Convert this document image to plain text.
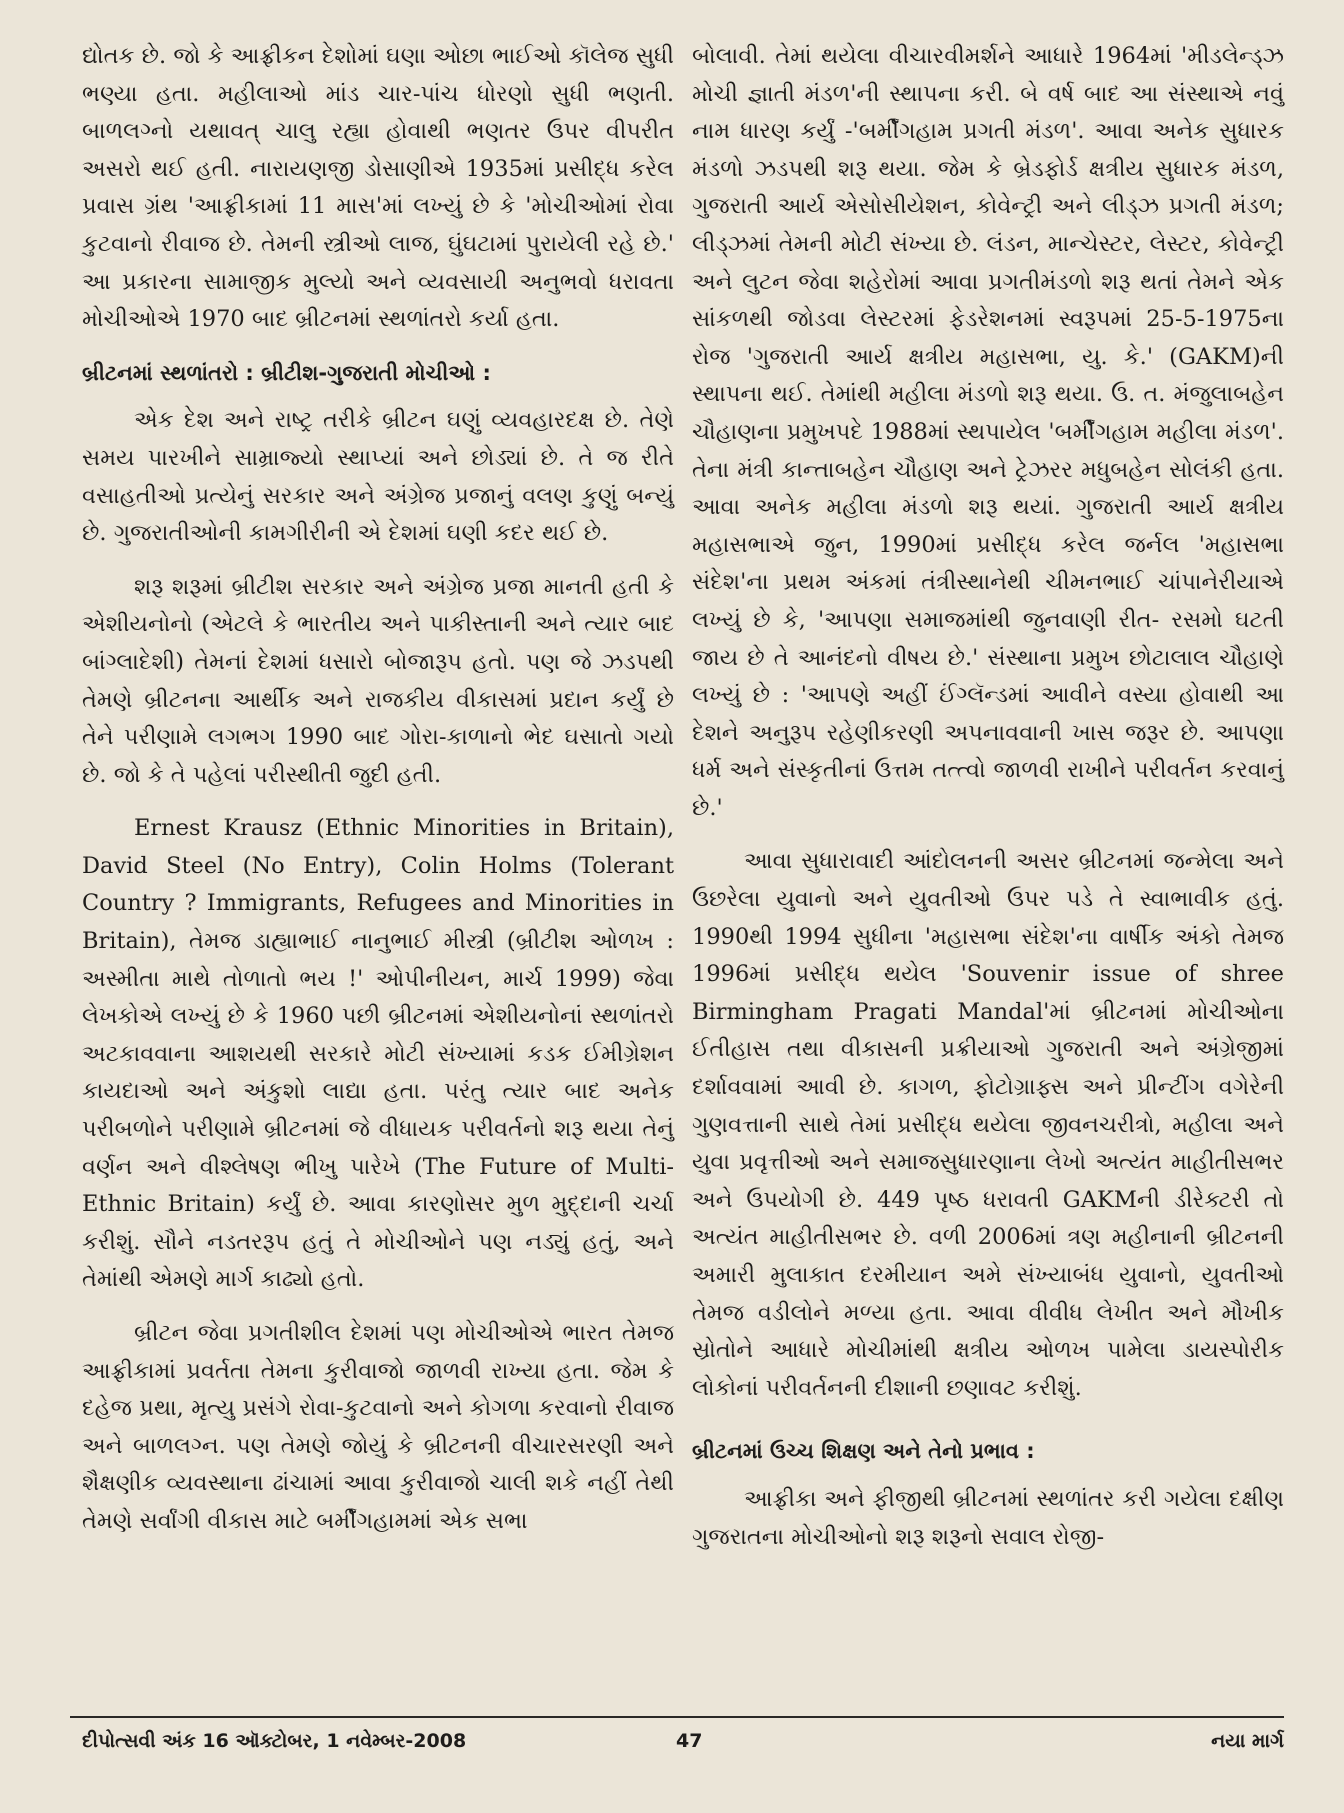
દ્યોતક છે. જો કે આફ્રીકન દેશોમાં ઘણા ઓછા ભાઈઓ કૉલેજ સુધી ભણ્યા હતા. મહીલાઓ માંડ ચાર-પાંચ ધોરણો સુધી ભણતી. બાળલગ્નો યથાવત્ ચાલુ રહ્યા હોવાથી ભણતર ઉપર વીપરીત અસરો થઈ હતી. નારાયણજી ડોસાણીએ 1935માં પ્રસીદ્ધ કરેલ પ્રવાસ ગ્રંથ 'આફ્રીકામાં 11 માસ'માં લખ્યું છે કે 'મોચીઓમાં રોવા કુટવાનો રીવાજ છે. તેમની સ્ત્રીઓ લાજ, ઘુંઘટામાં પુરાયેલી રહે છે.' આ પ્રકારના સામાજીક મુલ્યો અને વ્યવસાયી અનુભવો ધરાવતા મોચીઓએ 1970 બાદ બ્રીટનમાં સ્થળાંતરો કર્યા હતા.

બ્રીટનમાં સ્થળાંતરો : બ્રીટીશ-ગુજરાતી મોચીઓ :

એક દેશ અને રાષ્ટ્ર તરીકે બ્રીટન ઘણું વ્યવહારદક્ષ છે. તેણે સમય પારખીને સામ્રાજ્યો સ્થાપ્યાં અને છોડ્યાં છે. તે જ રીતે વસાહતીઓ પ્રત્યેનું સરકાર અને અંગ્રેજ પ્રજાનું વલણ કુણું બન્યું છે. ગુજરાતીઓની કામગીરીની એ દેશમાં ઘણી કદર થઈ છે.

શરૂ શરૂમાં બ્રીટીશ સરકાર અને અંગ્રેજ પ્રજા માનતી હતી કે એશીયનોનો (એટલે કે ભારતીય અને પાકીસ્તાની અને ત્યાર બાદ બાંગ્લાદેશી) તેમનાં દેશમાં ધસારો બોજારૂપ હતો. પણ જે ઝડપથી તેમણે બ્રીટનના આર્થીક અને રાજકીય વીકાસમાં પ્રદાન કર્યું છે તેને પરીણામે લગભગ 1990 બાદ ગોરા-કાળાનો ભેદ ઘસાતો ગયો છે. જો કે તે પહેલાં પરીસ્થીતી જુદી હતી.

Ernest Krausz (Ethnic Minorities in Britain), David Steel (No Entry), Colin Holms (Tolerant Country ? Immigrants, Refugees and Minorities in Britain), તેમજ ડાહ્યાભાઈ નાનુભાઈ મીસ્ત્રી (બ્રીટીશ ઓળખ : અસ્મીતા માથે તોળાતો ભય !' ઓપીનીયન, માર્ચ 1999) જેવા લેખકોએ લખ્યું છે કે 1960 પછી બ્રીટનમાં એશીયનોનાં સ્થળાંતરો અટકાવવાના આશયથી સરકારે મોટી સંખ્યામાં કડક ઈમીગ્રેશન કાયદાઓ અને અંકુશો લાદ્યા હતા. પરંતુ ત્યાર બાદ અનેક પરીબળોને પરીણામે બ્રીટનમાં જે વીધાયક પરીવર્તનો શરૂ થયા તેનું વર્ણન અને વીશ્લેષણ ભીખુ પારેખે (The Future of Multi-Ethnic Britain) કર્યું છે. આવા કારણોસર મુળ મુદ્દાની ચર્ચા કરીશું. સૌને નડતરરૂપ હતું તે મોચીઓને પણ નડ્યું હતું, અને તેમાંથી એમણે માર્ગ કાઢ્યો હતો.

બ્રીટન જેવા પ્રગતીશીલ દેશમાં પણ મોચીઓએ ભારત તેમજ આફ્રીકામાં પ્રવર્તતા તેમના કુરીવાજો જાળવી રાખ્યા હતા. જેમ કે દહેજ પ્રથા, મૃત્યુ પ્રસંગે રોવા-કુટવાનો અને કોગળા કરવાનો રીવાજ અને બાળલગ્ન. પણ તેમણે જોયું કે બ્રીટનની વીચારસરણી અને શૈક્ષણીક વ્યવસ્થાના ઢાંચામાં આવા કુરીવાજો ચાલી શકે નહીં તેથી તેમણે સર્વાંગી વીકાસ માટે બર્મીંગહામમાં એક સભા

બોલાવી. તેમાં થયેલા વીચારવીમર્શને આધારે 1964માં 'મીડલેન્ડ્ઝ મોચી જ્ઞાતી મંડળ'ની સ્થાપના કરી. બે વર્ષ બાદ આ સંસ્થાએ નવું નામ ધારણ કર્યું -'બર્મીંગહામ પ્રગતી મંડળ'. આવા અનેક સુધારક મંડળો ઝડપથી શરૂ થયા. જેમ કે બ્રેડફોર્ડ ક્ષત્રીય સુધારક મંડળ, ગુજરાતી આર્ય એસોસીયેશન, કોવેન્ટ્રી અને લીડ્ઝ પ્રગતી મંડળ; લીડ્ઝમાં તેમની મોટી સંખ્યા છે. લંડન, માન્ચેસ્ટર, લેસ્ટર, કોવેન્ટ્રી અને લુટન જેવા શહેરોમાં આવા પ્રગતીમંડળો શરૂ થતાં તેમને એક સાંકળથી જોડવા લેસ્ટરમાં ફેડરેશનમાં સ્વરૂપમાં 25-5-1975ના રોજ 'ગુજરાતી આર્ય ક્ષત્રીય મહાસભા, યુ. કે.' (GAKM)ની સ્થાપના થઈ. તેમાંથી મહીલા મંડળો શરૂ થયા. ઉ. ત. મંજુલાબહેન ચૌહાણના પ્રમુખપદે 1988માં સ્થપાયેલ 'બર્મીંગહામ મહીલા મંડળ'. તેના મંત્રી કાન્તાબહેન ચૌહાણ અને ટ્રેઝરર મધુબહેન સોલંકી હતા. આવા અનેક મહીલા મંડળો શરૂ થયાં. ગુજરાતી આર્ય ક્ષત્રીય મહાસભાએ જુન, 1990માં પ્રસીદ્ધ કરેલ જર્નલ 'મહાસભા સંદેશ'ના પ્રથમ અંકમાં તંત્રીસ્થાનેથી ચીમનભાઈ ચાંપાનેરીયાએ લખ્યું છે કે, 'આપણા સમાજમાંથી જુનવાણી રીત- રસમો ઘટતી જાય છે તે આનંદનો વીષય છે.' સંસ્થાના પ્રમુખ છોટાલાલ ચૌહાણે લખ્યું છે : 'આપણે અહીં ઈંગ્લૅન્ડમાં આવીને વસ્યા હોવાથી આ દેશને અનુરૂપ રહેણીકરણી અપનાવવાની ખાસ જરૂર છે. આપણા ધર્મ અને સંસ્કૃતીનાં ઉત્તમ તત્ત્વો જાળવી રાખીને પરીવર્તન કરવાનું છે.'

આવા સુધારાવાદી આંદોલનની અસર બ્રીટનમાં જન્મેલા અને ઉછરેલા યુવાનો અને યુવતીઓ ઉપર પડે તે સ્વાભાવીક હતું. 1990થી 1994 સુધીના 'મહાસભા સંદેશ'ના વાર્ષીક અંકો તેમજ 1996માં પ્રસીદ્ધ થયેલ 'Souvenir issue of shree Birmingham Pragati Mandal'માં બ્રીટનમાં મોચીઓના ઈતીહાસ તથા વીકાસની પ્રક્રીયાઓ ગુજરાતી અને અંગ્રેજીમાં દર્શાવવામાં આવી છે. કાગળ, ફોટોગ્રાફ્સ અને પ્રીન્ટીંગ વગેરેની ગુણવત્તાની સાથે તેમાં પ્રસીદ્ધ થયેલા જીવનચરીત્રો, મહીલા અને યુવા પ્રવૃત્તીઓ અને સમાજસુધારણાના લેખો અત્યંત માહીતીસભર અને ઉપયોગી છે. 449 પૃષ્ઠ ધરાવતી GAKMની ડીરેક્ટરી તો અત્યંત માહીતીસભર છે. વળી 2006માં ત્રણ મહીનાની બ્રીટનની અમારી મુલાકાત દરમીયાન અમે સંખ્યાબંધ યુવાનો, યુવતીઓ તેમજ વડીલોને મળ્યા હતા. આવા વીવીધ લેખીત અને મૌખીક સ્રોતોને આધારે મોચીમાંથી ક્ષત્રીય ઓળખ પામેલા ડાયસ્પોરીક લોકોનાં પરીવર્તનની દીશાની છણાવટ કરીશું.

બ્રીટનમાં ઉચ્ચ શિક્ષણ અને તેનો પ્રભાવ :

આફ્રીકા અને ફીજીથી બ્રીટનમાં સ્થળાંતર કરી ગયેલા દક્ષીણ ગુજરાતના મોચીઓનો શરૂ શરૂનો સવાલ રોજી-

દીપોત્સવી અંક 16 ઑક્ટોબર, 1 નવેમ્બર-2008	47	નયા માર્ગ
